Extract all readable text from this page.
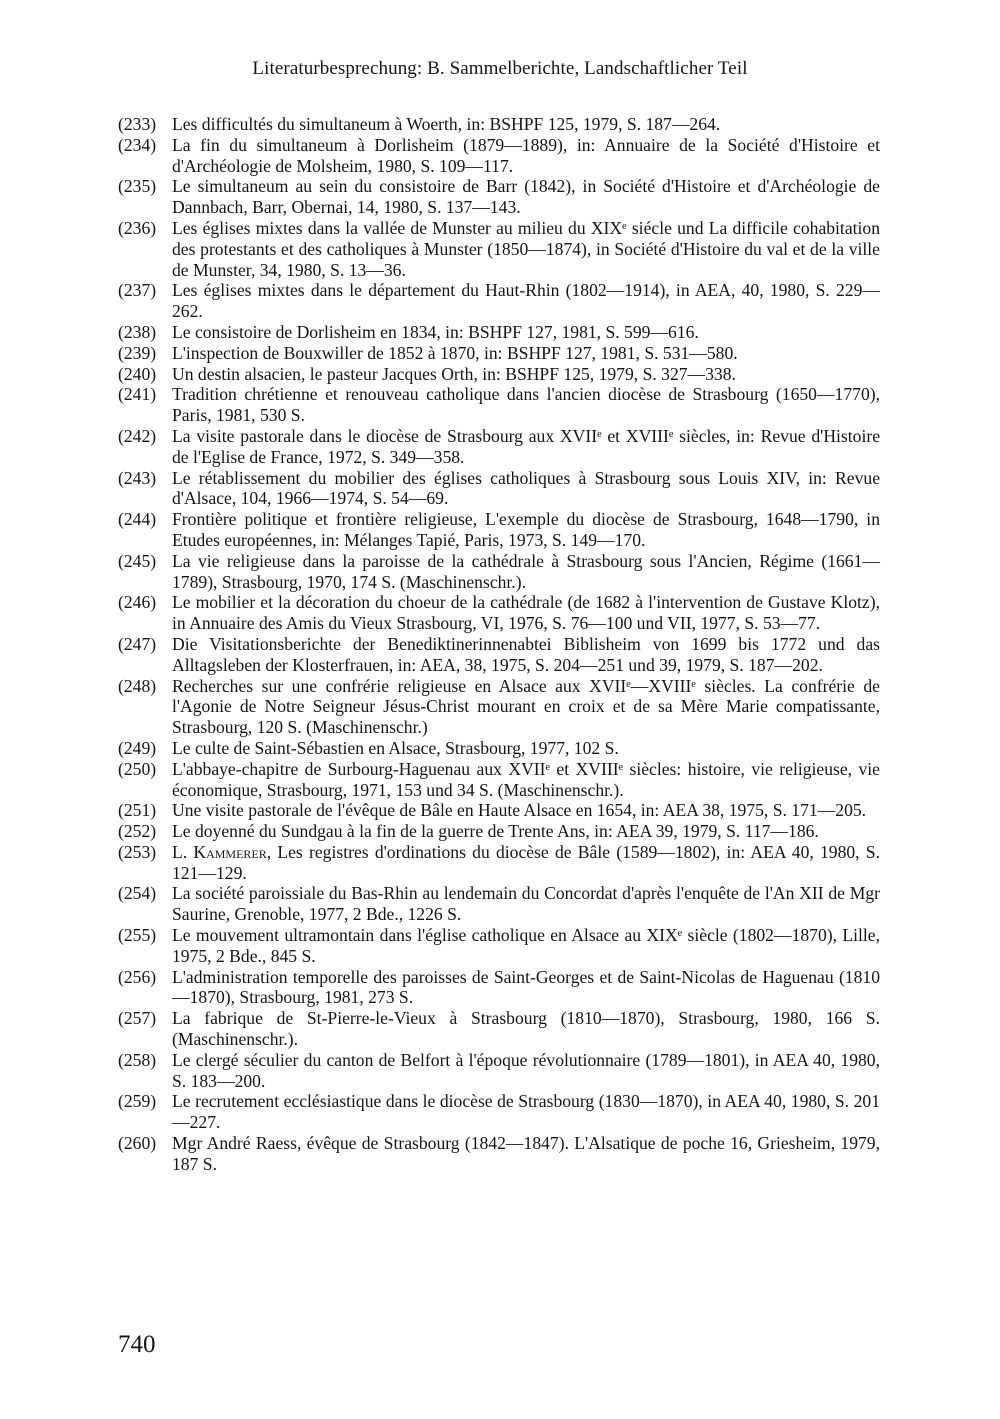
Literaturbesprechung: B. Sammelberichte, Landschaftlicher Teil
(233) Les difficultés du simultaneum à Woerth, in: BSHPF 125, 1979, S. 187—264.
(234) La fin du simultaneum à Dorlisheim (1879—1889), in: Annuaire de la Société d'Histoire et d'Archéologie de Molsheim, 1980, S. 109—117.
(235) Le simultaneum au sein du consistoire de Barr (1842), in Société d'Histoire et d'Archéologie de Dannbach, Barr, Obernai, 14, 1980, S. 137—143.
(236) Les églises mixtes dans la vallée de Munster au milieu du XIXᵉ siécle und La difficile cohabitation des protestants et des catholiques à Munster (1850—1874), in Société d'Histoire du val et de la ville de Munster, 34, 1980, S. 13—36.
(237) Les églises mixtes dans le département du Haut-Rhin (1802—1914), in AEA, 40, 1980, S. 229—262.
(238) Le consistoire de Dorlisheim en 1834, in: BSHPF 127, 1981, S. 599—616.
(239) L'inspection de Bouxwiller de 1852 à 1870, in: BSHPF 127, 1981, S. 531—580.
(240) Un destin alsacien, le pasteur Jacques Orth, in: BSHPF 125, 1979, S. 327—338.
(241) Tradition chrétienne et renouveau catholique dans l'ancien diocèse de Strasbourg (1650—1770), Paris, 1981, 530 S.
(242) La visite pastorale dans le diocèse de Strasbourg aux XVIIᵉ et XVIIIᵉ siècles, in: Revue d'Histoire de l'Eglise de France, 1972, S. 349—358.
(243) Le rétablissement du mobilier des églises catholiques à Strasbourg sous Louis XIV, in: Revue d'Alsace, 104, 1966—1974, S. 54—69.
(244) Frontière politique et frontière religieuse, L'exemple du diocèse de Strasbourg, 1648—1790, in Etudes européennes, in: Mélanges Tapié, Paris, 1973, S. 149—170.
(245) La vie religieuse dans la paroisse de la cathédrale à Strasbourg sous l'Ancien, Régime (1661—1789), Strasbourg, 1970, 174 S. (Maschinenschr.).
(246) Le mobilier et la décoration du choeur de la cathédrale (de 1682 à l'intervention de Gustave Klotz), in Annuaire des Amis du Vieux Strasbourg, VI, 1976, S. 76—100 und VII, 1977, S. 53—77.
(247) Die Visitationsberichte der Benediktinerinnenabtei Biblisheim von 1699 bis 1772 und das Alltagsleben der Klosterfrauen, in: AEA, 38, 1975, S. 204—251 und 39, 1979, S. 187—202.
(248) Recherches sur une confrérie religieuse en Alsace aux XVIIᵉ—XVIIIᵉ siècles. La confrérie de l'Agonie de Notre Seigneur Jésus-Christ mourant en croix et de sa Mère Marie compatissante, Strasbourg, 120 S. (Maschinenschr.)
(249) Le culte de Saint-Sébastien en Alsace, Strasbourg, 1977, 102 S.
(250) L'abbaye-chapitre de Surbourg-Haguenau aux XVIIᵉ et XVIIIᵉ siècles: histoire, vie religieuse, vie économique, Strasbourg, 1971, 153 und 34 S. (Maschinenschr.).
(251) Une visite pastorale de l'évêque de Bâle en Haute Alsace en 1654, in: AEA 38, 1975, S. 171—205.
(252) Le doyenné du Sundgau à la fin de la guerre de Trente Ans, in: AEA 39, 1979, S. 117—186.
(253) L. Kammerer, Les registres d'ordinations du diocèse de Bâle (1589—1802), in: AEA 40, 1980, S. 121—129.
(254) La société paroissiale du Bas-Rhin au lendemain du Concordat d'après l'enquête de l'An XII de Mgr Saurine, Grenoble, 1977, 2 Bde., 1226 S.
(255) Le mouvement ultramontain dans l'église catholique en Alsace au XIXᵉ siècle (1802—1870), Lille, 1975, 2 Bde., 845 S.
(256) L'administration temporelle des paroisses de Saint-Georges et de Saint-Nicolas de Haguenau (1810—1870), Strasbourg, 1981, 273 S.
(257) La fabrique de St-Pierre-le-Vieux à Strasbourg (1810—1870), Strasbourg, 1980, 166 S. (Maschinenschr.).
(258) Le clergé séculier du canton de Belfort à l'époque révolutionnaire (1789—1801), in AEA 40, 1980, S. 183—200.
(259) Le recrutement ecclésiastique dans le diocèse de Strasbourg (1830—1870), in AEA 40, 1980, S. 201—227.
(260) Mgr André Raess, évêque de Strasbourg (1842—1847). L'Alsatique de poche 16, Griesheim, 1979, 187 S.
740
